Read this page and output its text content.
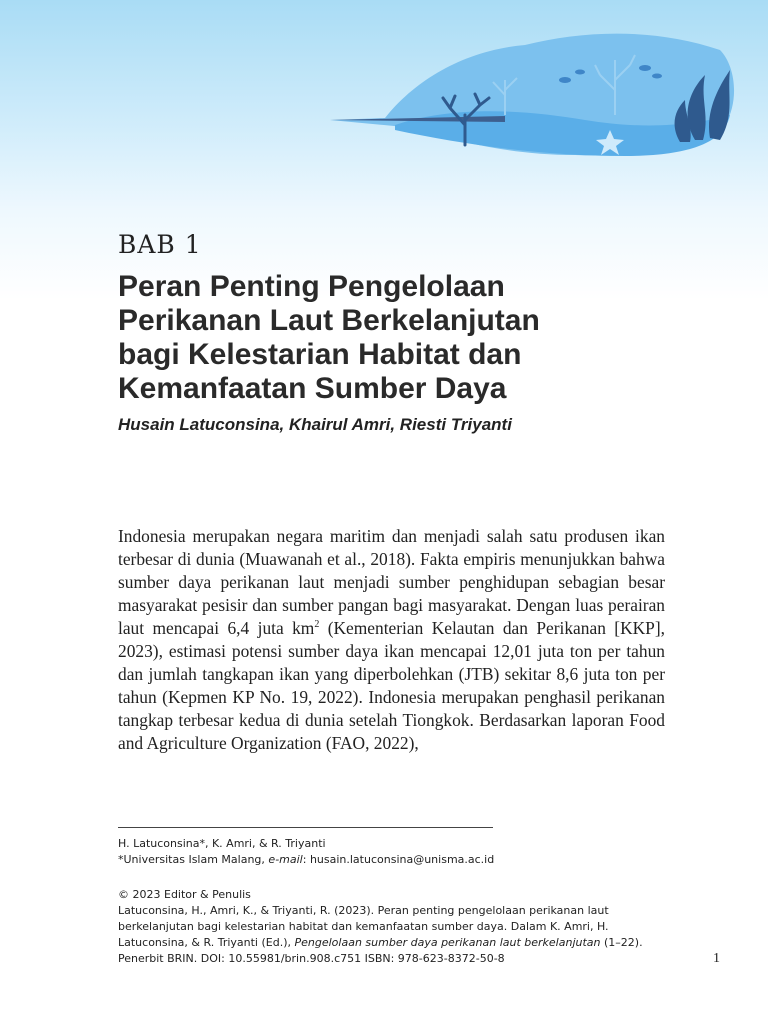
BAB 1
Peran Penting Pengelolaan
Perikanan Laut Berkelanjutan
bagi Kelestarian Habitat dan
Kemanfaatan Sumber Daya
Husain Latuconsina, Khairul Amri, Riesti Triyanti

Indonesia merupakan negara maritim dan menjadi salah satu produsen ikan terbesar di dunia (Muawanah et al., 2018). Fakta empiris menunjukkan bahwa sumber daya perikanan laut menjadi sumber penghidupan sebagian besar masyarakat pesisir dan sumber pangan bagi masyarakat. Dengan luas perairan laut mencapai 6,4 juta $km^2$ (Kementerian Kelautan dan Perikanan [KKP], 2023), estimasi potensi sumber daya ikan mencapai 12,01 juta ton per tahun dan jumlah tangkapan ikan yang diperbolehkan (JTB) sekitar 8,6 juta ton per tahun (Kepmen KP No. 19, 2022). Indonesia merupakan penghasil perikanan tangkap terbesar kedua di dunia setelah Tiongkok. Berdasarkan laporan Food and Agriculture Organization (FAO, 2022),

H. Latuconsina*, K. Amri, & R. Triyanti
*Universitas Islam Malang, e-mail: husain.latuconsina@unisma.ac.id
© 2023 Editor & Penulis
Latuconsina, H., Amri, K., & Triyanti, R. (2023). Peran penting pengelolaan perikanan laut berkelanjutan bagi kelestarian habitat dan kemanfaatan sumber daya. Dalam K. Amri, H. Latuconsina, & R. Triyanti (Ed.), Pengelolaan sumber daya perikanan laut berkelanjutan (1–22). Penerbit BRIN. DOI: 10.55981/brin.908.c751 ISBN: 978-623-8372-50-8	1
